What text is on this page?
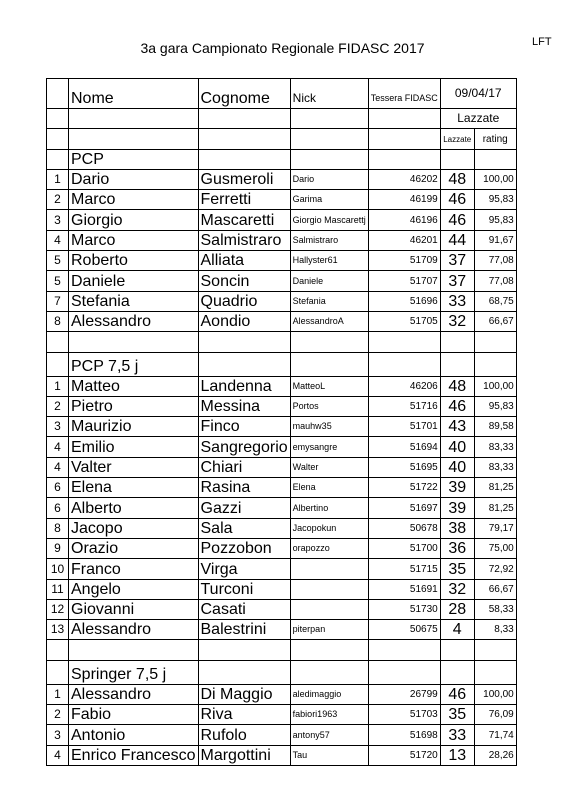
3a gara Campionato Regionale FIDASC 2017	LFT
	Nome	Cognome	Nick	Tessera FIDASC	09/04/17	
					Lazzate	
					Lazzate	rating
	PCP					
1	Dario	Gusmeroli	Dario	46202	48	100,00
2	Marco	Ferretti	Garima	46199	46	95,83
3	Giorgio	Mascaretti	Giorgio Mascarettj	46196	46	95,83
4	Marco	Salmistraro	Salmistraro	46201	44	91,67
5	Roberto	Alliata	Hallyster61	51709	37	77,08
5	Daniele	Soncin	Daniele	51707	37	77,08
7	Stefania	Quadrio	Stefania	51696	33	68,75
8	Alessandro	Aondio	AlessandroA	51705	32	66,67

	PCP 7,5 j					
1	Matteo	Landenna	MatteoL	46206	48	100,00
2	Pietro	Messina	Portos	51716	46	95,83
3	Maurizio	Finco	mauhw35	51701	43	89,58
4	Emilio	Sangregorio	emysangre	51694	40	83,33
4	Valter	Chiari	Walter	51695	40	83,33
6	Elena	Rasina	Elena	51722	39	81,25
6	Alberto	Gazzi	Albertino	51697	39	81,25
8	Jacopo	Sala	Jacopokun	50678	38	79,17
9	Orazio	Pozzobon	orapozzo	51700	36	75,00
10	Franco	Virga		51715	35	72,92
11	Angelo	Turconi		51691	32	66,67
12	Giovanni	Casati		51730	28	58,33
13	Alessandro	Balestrini	piterpan	50675	4	8,33

	Springer 7,5 j					
1	Alessandro	Di Maggio	aledimaggio	26799	46	100,00
2	Fabio	Riva	fabiori1963	51703	35	76,09
3	Antonio	Rufolo	antony57	51698	33	71,74
4	Enrico Francesco	Margottini	Tau	51720	13	28,26
